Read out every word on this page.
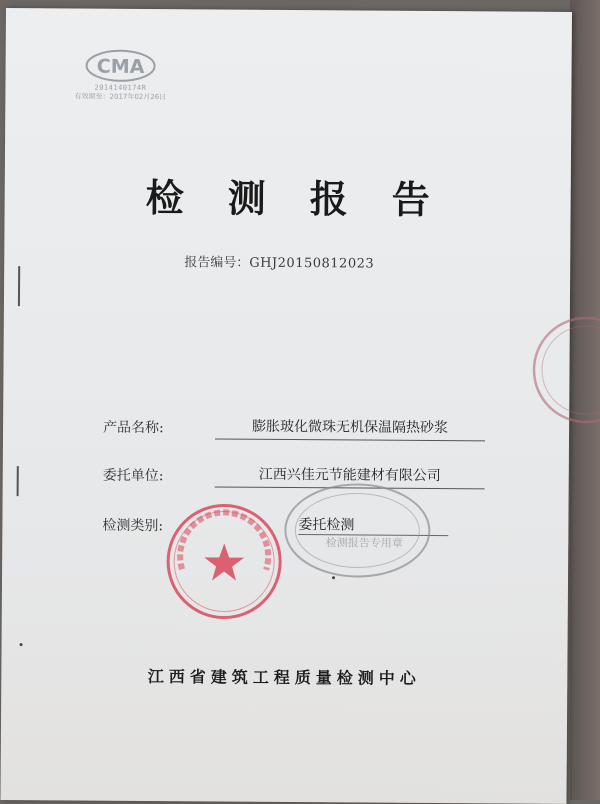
CMA
2014140174R
有效期至：2017年02月26日
检测报告
报告编号：GHJ20150812023
产品名称:	膨胀玻化微珠无机保温隔热砂浆
委托单位:	江西兴佳元节能建材有限公司
检测类别:	委托检测
检测报告专用章
江西省建筑工程质量检测中心
